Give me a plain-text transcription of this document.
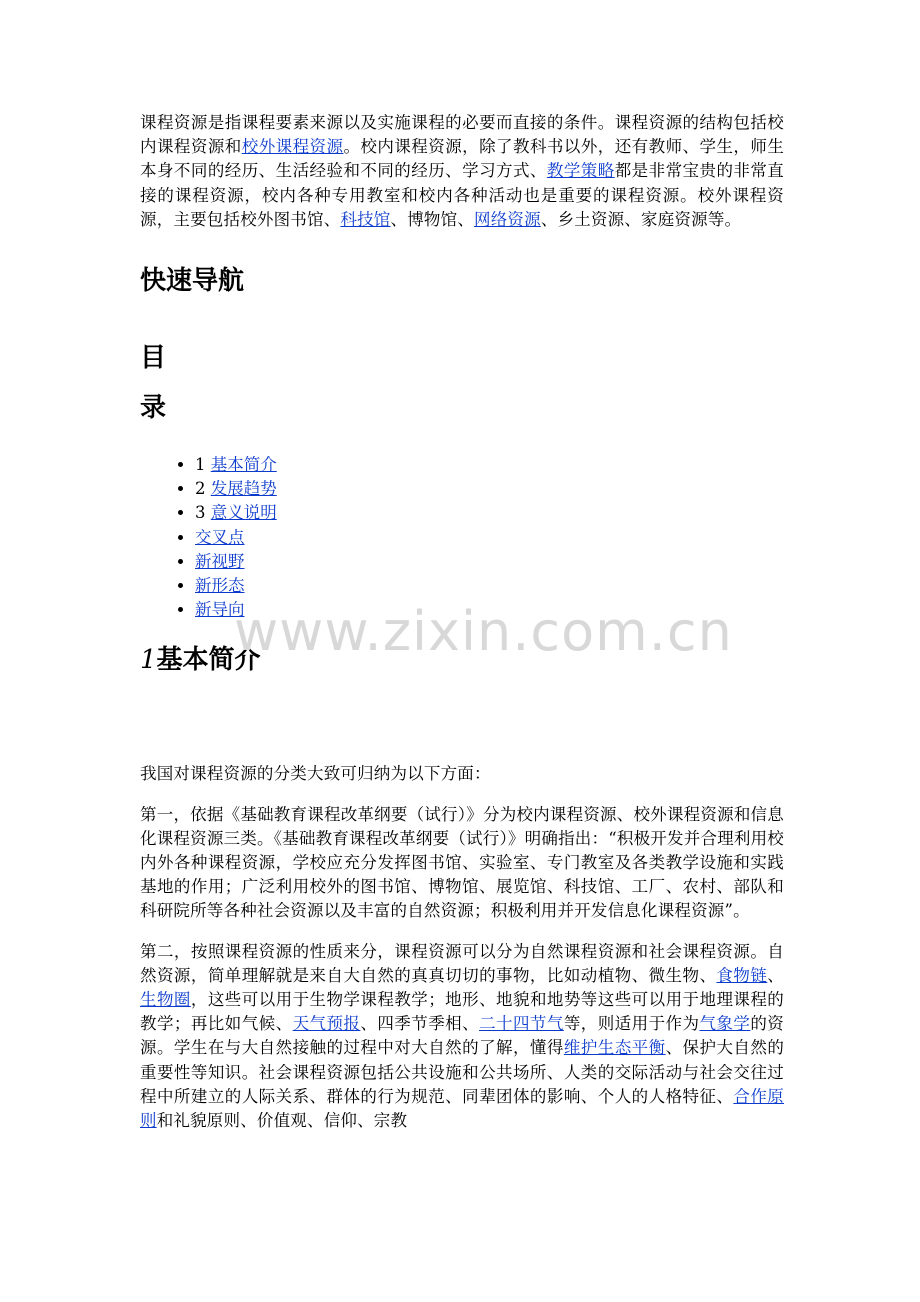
课程资源是指课程要素来源以及实施课程的必要而直接的条件。课程资源的结构包括校内课程资源和校外课程资源。校内课程资源，除了教科书以外，还有教师、学生，师生本身不同的经历、生活经验和不同的经历、学习方式、教学策略都是非常宝贵的非常直接的课程资源，校内各种专用教室和校内各种活动也是重要的课程资源。校外课程资源，主要包括校外图书馆、科技馆、博物馆、网络资源、乡土资源、家庭资源等。

快速导航
目录
• 1 基本简介
• 2 发展趋势
• 3 意义说明
• 交叉点
• 新视野
• 新形态
• 新导向
1基本简介

我国对课程资源的分类大致可归纳为以下方面：

第一，依据《基础教育课程改革纲要（试行）》分为校内课程资源、校外课程资源和信息化课程资源三类。《基础教育课程改革纲要（试行）》明确指出：“积极开发并合理利用校内外各种课程资源，学校应充分发挥图书馆、实验室、专门教室及各类教学设施和实践基地的作用；广泛利用校外的图书馆、博物馆、展览馆、科技馆、工厂、农村、部队和科研院所等各种社会资源以及丰富的自然资源；积极利用并开发信息化课程资源”。

第二，按照课程资源的性质来分，课程资源可以分为自然课程资源和社会课程资源。自然资源，简单理解就是来自大自然的真真切切的事物，比如动植物、微生物、食物链、生物圈，这些可以用于生物学课程教学；地形、地貌和地势等这些可以用于地理课程的教学；再比如气候、天气预报、四季节季相、二十四节气等，则适用于作为气象学的资源。学生在与大自然接触的过程中对大自然的了解，懂得维护生态平衡、保护大自然的重要性等知识。社会课程资源包括公共设施和公共场所、人类的交际活动与社会交往过程中所建立的人际关系、群体的行为规范、同辈团体的影响、个人的人格特征、合作原则和礼貌原则、价值观、信仰、宗教

www.zixin.com.cn
